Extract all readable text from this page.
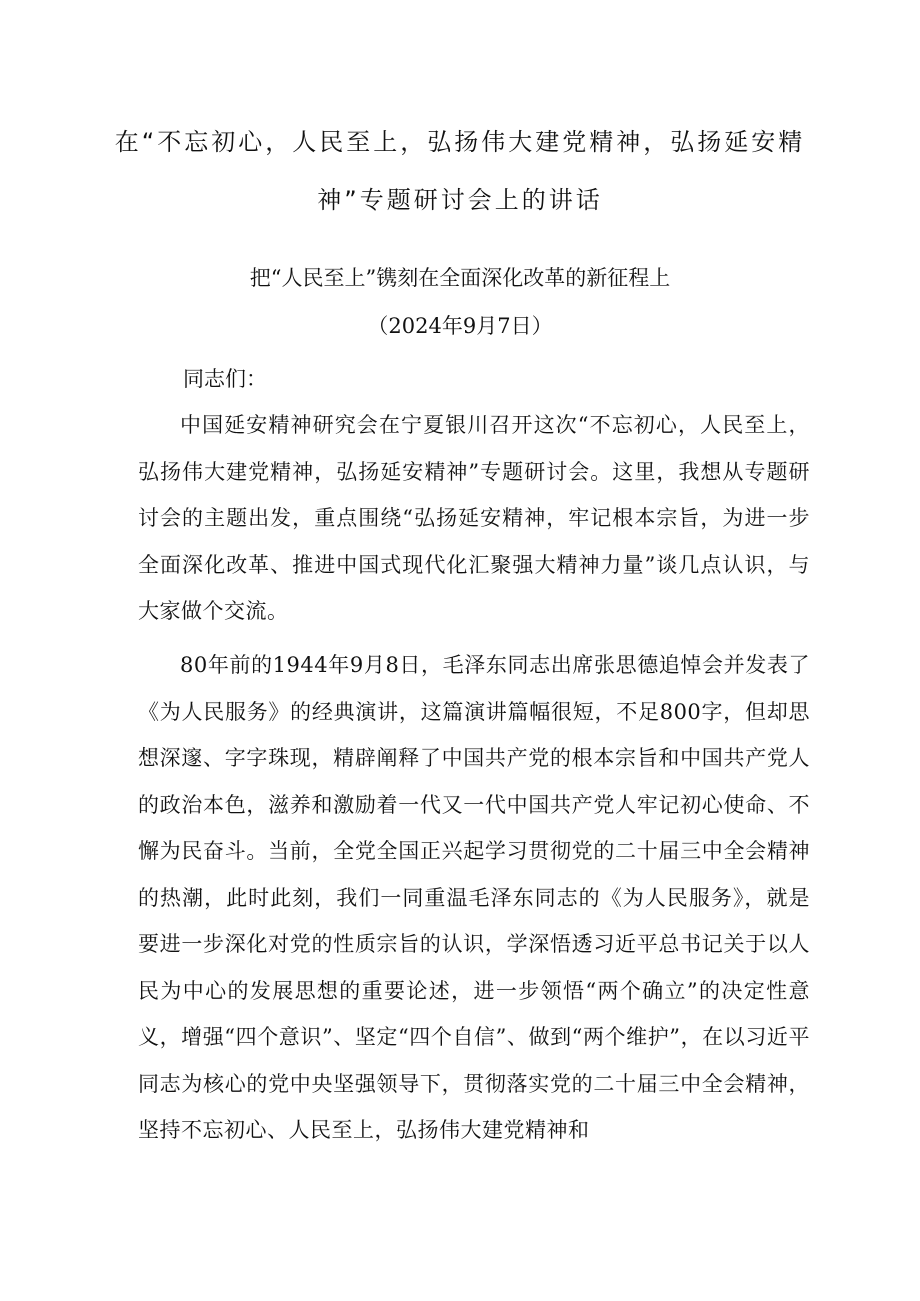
在“不忘初心，人民至上，弘扬伟大建党精神，弘扬延安精
神”专题研讨会上的讲话

把“人民至上”镌刻在全面深化改革的新征程上

（2024年9月7日）

同志们：

中国延安精神研究会在宁夏银川召开这次“不忘初心，人民至上，弘扬伟大建党精神，弘扬延安精神”专题研讨会。这里，我想从专题研讨会的主题出发，重点围绕“弘扬延安精神，牢记根本宗旨，为进一步全面深化改革、推进中国式现代化汇聚强大精神力量”谈几点认识，与大家做个交流。

80年前的1944年9月8日，毛泽东同志出席张思德追悼会并发表了《为人民服务》的经典演讲，这篇演讲篇幅很短，不足800字，但却思想深邃、字字珠现，精辟阐释了中国共产党的根本宗旨和中国共产党人的政治本色，滋养和激励着一代又一代中国共产党人牢记初心使命、不懈为民奋斗。当前，全党全国正兴起学习贯彻党的二十届三中全会精神的热潮，此时此刻，我们一同重温毛泽东同志的《为人民服务》，就是要进一步深化对党的性质宗旨的认识，学深悟透习近平总书记关于以人民为中心的发展思想的重要论述，进一步领悟“两个确立”的决定性意义，增强“四个意识”、坚定“四个自信”、做到“两个维护”，在以习近平同志为核心的党中央坚强领导下，贯彻落实党的二十届三中全会精神，坚持不忘初心、人民至上，弘扬伟大建党精神和
